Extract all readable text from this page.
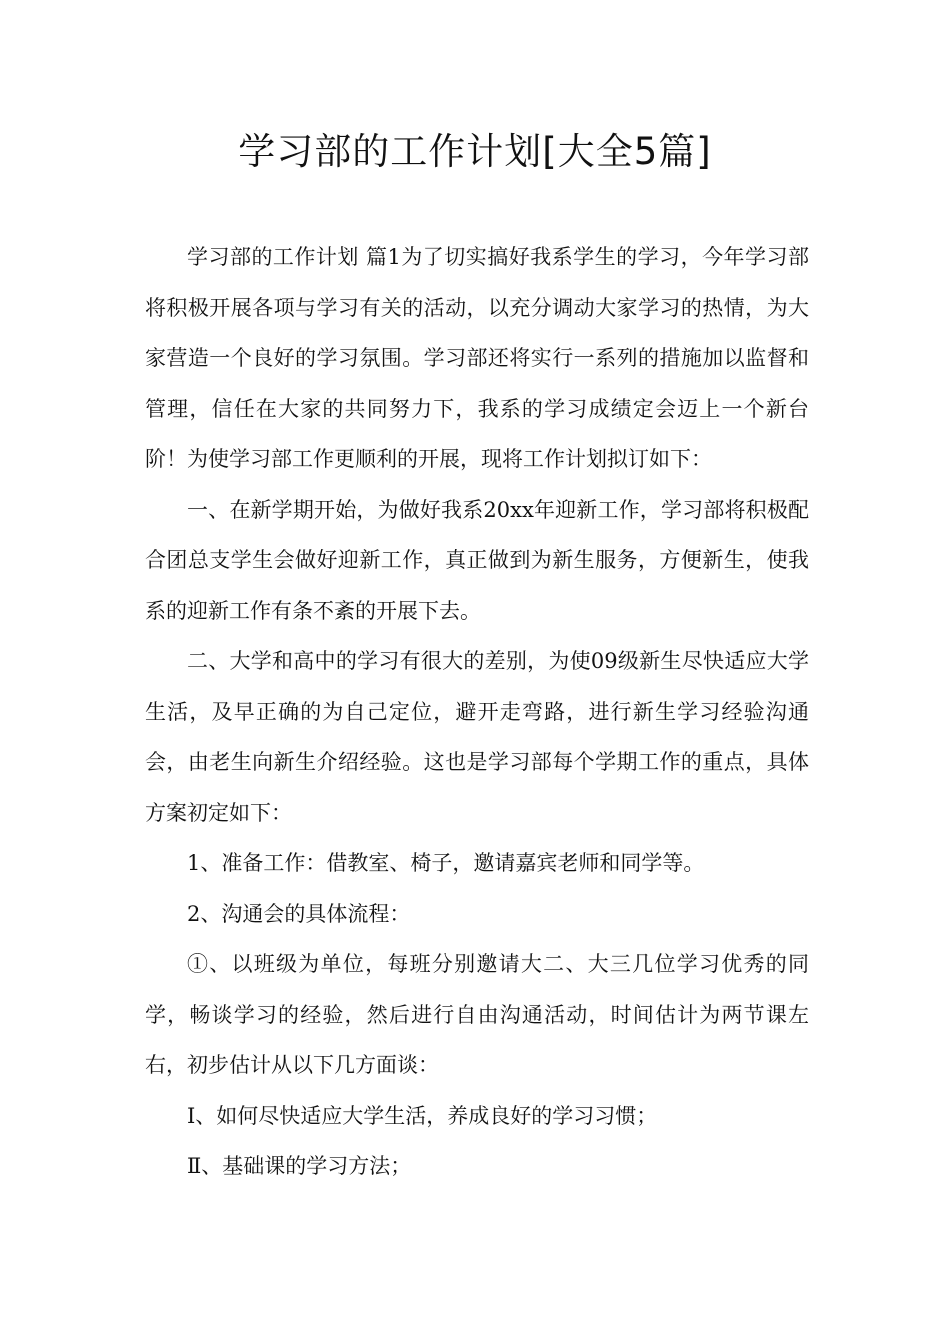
学习部的工作计划[大全5篇]

学习部的工作计划 篇1为了切实搞好我系学生的学习，今年学习部将积极开展各项与学习有关的活动，以充分调动大家学习的热情，为大家营造一个良好的学习氛围。学习部还将实行一系列的措施加以监督和管理，信任在大家的共同努力下，我系的学习成绩定会迈上一个新台阶！为使学习部工作更顺利的开展，现将工作计划拟订如下：

一、在新学期开始，为做好我系20xx年迎新工作，学习部将积极配合团总支学生会做好迎新工作，真正做到为新生服务，方便新生，使我系的迎新工作有条不紊的开展下去。

二、大学和高中的学习有很大的差别，为使09级新生尽快适应大学生活，及早正确的为自己定位，避开走弯路，进行新生学习经验沟通会，由老生向新生介绍经验。这也是学习部每个学期工作的重点，具体方案初定如下：

1、准备工作：借教室、椅子，邀请嘉宾老师和同学等。

2、沟通会的具体流程：

①、以班级为单位，每班分别邀请大二、大三几位学习优秀的同学，畅谈学习的经验，然后进行自由沟通活动，时间估计为两节课左右，初步估计从以下几方面谈：

Ⅰ、如何尽快适应大学生活，养成良好的学习习惯；

Ⅱ、基础课的学习方法；
